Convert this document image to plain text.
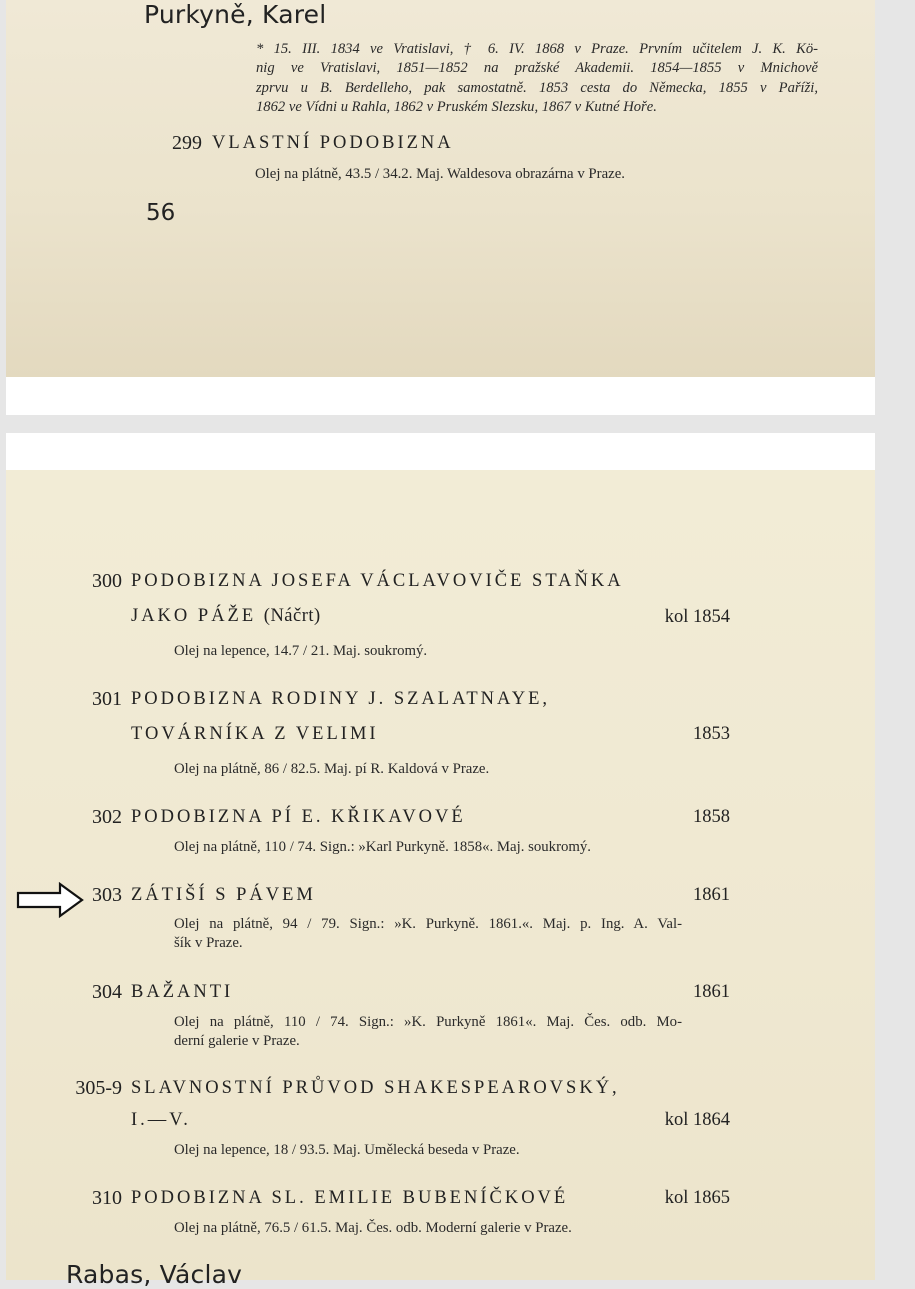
Purkyně, Karel
* 15. III. 1834 ve Vratislavi, † 6. IV. 1868 v Praze. Prvním učitelem J. K. Kö-
nig ve Vratislavi, 1851—1852 na pražské Akademii. 1854—1855 v Mnichově
zprvu u B. Berdelleho, pak samostatně. 1853 cesta do Německa, 1855 v Paříži,
1862 ve Vídni u Rahla, 1862 v Pruském Slezsku, 1867 v Kutné Hoře.
299 VLASTNÍ PODOBIZNA
Olej na plátně, 43.5 / 34.2. Maj. Waldesova obrazárna v Praze.
56
300 PODOBIZNA JOSEFA VÁCLAVOVIČE STAŇKA
JAKO PÁŽE (Náčrt)	kol 1854
Olej na lepence, 14.7 / 21. Maj. soukromý.
301 PODOBIZNA RODINY J. SZALATNAYE,
TOVÁRNÍKA Z VELIMI	1853
Olej na plátně, 86 / 82.5. Maj. pí R. Kaldová v Praze.
302 PODOBIZNA PÍ E. KŘIKAVOVÉ	1858
Olej na plátně, 110 / 74. Sign.: »Karl Purkyně. 1858«. Maj. soukromý.
303 ZÁTIŠÍ S PÁVEM	1861
Olej na plátně, 94 / 79. Sign.: »K. Purkyně. 1861.«. Maj. p. Ing. A. Val-
šík v Praze.
304 BAŽANTI	1861
Olej na plátně, 110 / 74. Sign.: »K. Purkyně 1861«. Maj. Čes. odb. Mo-
derní galerie v Praze.
305-9 SLAVNOSTNÍ PRŮVOD SHAKESPEAROVSKÝ,
I.—V.	kol 1864
Olej na lepence, 18 / 93.5. Maj. Umělecká beseda v Praze.
310 PODOBIZNA SL. EMILIE BUBENÍČKOVÉ	kol 1865
Olej na plátně, 76.5 / 61.5. Maj. Čes. odb. Moderní galerie v Praze.
Rabas, Václav
